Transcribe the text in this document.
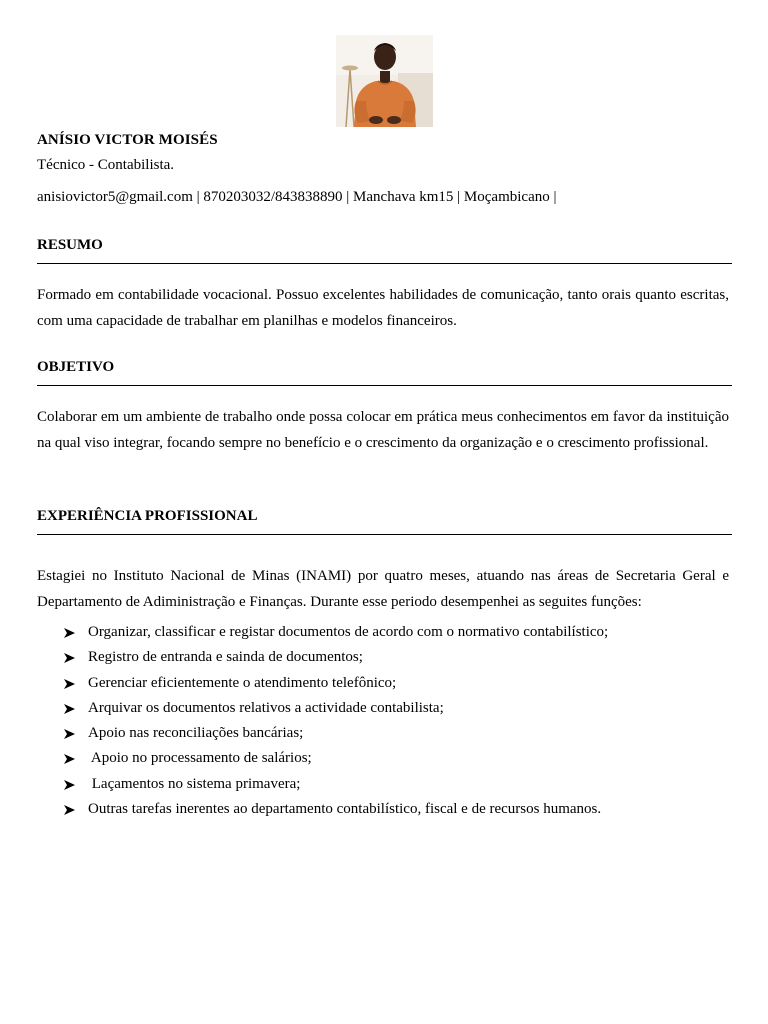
ANÍSIO VICTOR MOISÉS
Técnico - Contabilista.
anisiovictor5@gmail.com | 870203032/843838890 | Manchava km15 | Moçambicano |
RESUMO
Formado em contabilidade vocacional. Possuo excelentes habilidades de comunicação, tanto orais quanto escritas, com uma capacidade de trabalhar em planilhas e modelos financeiros.
OBJETIVO
Colaborar em um ambiente de trabalho onde possa colocar em prática meus conhecimentos em favor da instituição na qual viso integrar, focando sempre no benefício e o crescimento da organização e o crescimento profissional.
EXPERIÊNCIA PROFISSIONAL
Estagiei no Instituto Nacional de Minas (INAMI) por quatro meses, atuando nas áreas de Secretaria Geral e Departamento de Adiministração e Finanças. Durante esse periodo desempenhei as seguites funções:
Organizar, classificar e registar documentos de acordo com o normativo contabilístico;
Registro de entranda e sainda de documentos;
Gerenciar eficientemente o atendimento telefônico;
Arquivar os documentos relativos a actividade contabilista;
Apoio nas reconciliações bancárias;
Apoio no processamento de salários;
Laçamentos no sistema primavera;
Outras tarefas inerentes ao departamento contabilístico, fiscal e de recursos humanos.
